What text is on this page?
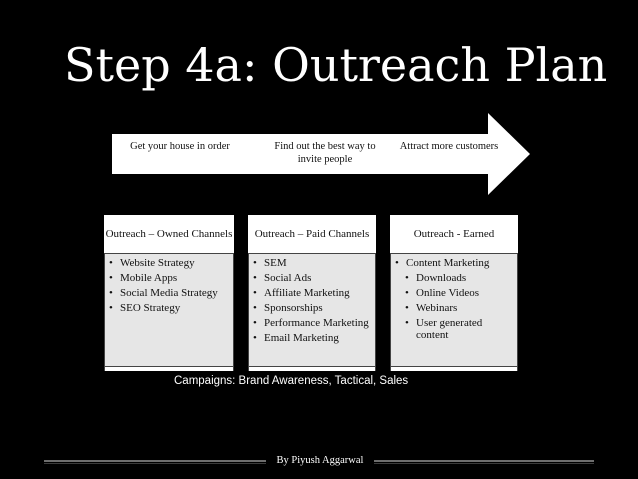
Step 4a: Outreach Plan
Get your house in order	Find out the best way to invite people
Attract more customers
Outreach – Owned Channels
• Website Strategy
• Mobile Apps
• Social Media Strategy
• SEO Strategy
Outreach – Paid Channels
• SEM
• Social Ads
• Affiliate Marketing
• Sponsorships
• Performance Marketing
• Email Marketing
Outreach - Earned
• Content Marketing
• Downloads
• Online Videos
• Webinars
• User generated content
Campaigns: Brand Awareness, Tactical, Sales
By Piyush Aggarwal
